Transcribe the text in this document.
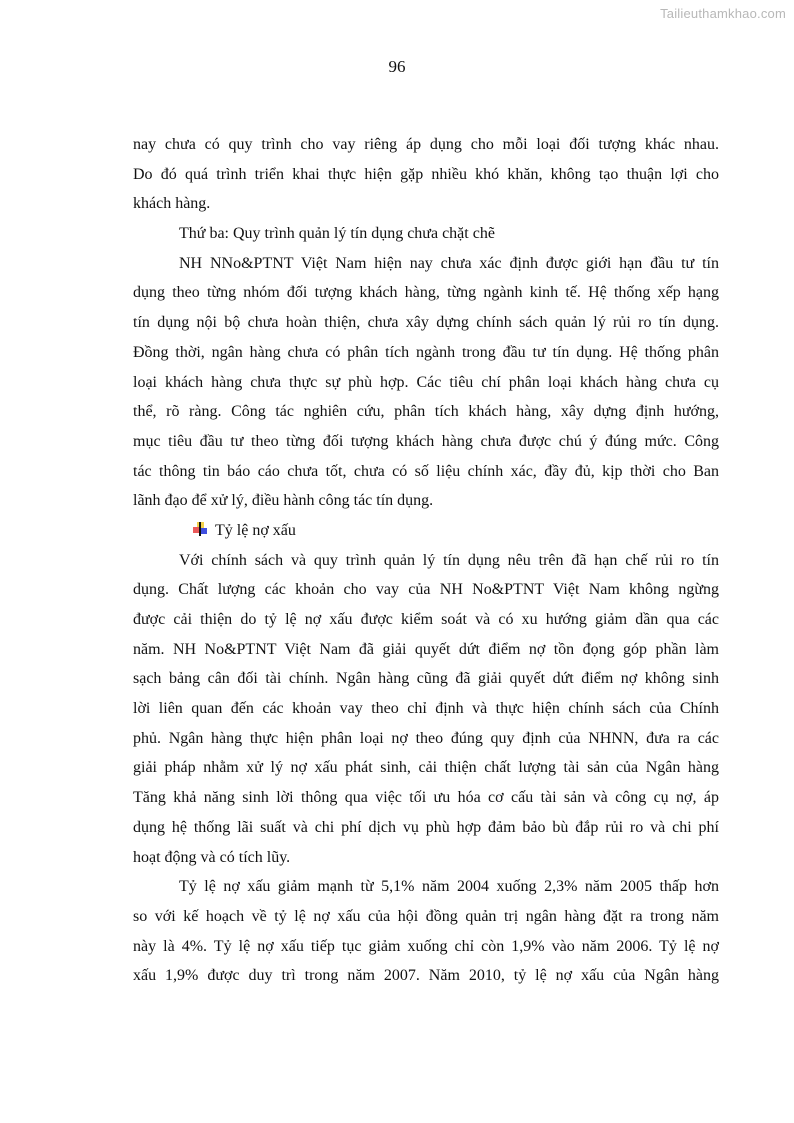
Tailieuthamkhao.com
96
nay chưa có quy trình cho vay riêng áp dụng cho mỗi loại đối tượng khác nhau.
Do đó quá trình triển khai thực hiện gặp nhiều khó khăn, không tạo thuận lợi cho
khách hàng.
Thứ ba: Quy trình quản lý tín dụng chưa chặt chẽ
NH NNo&PTNT Việt Nam hiện nay chưa xác định được giới hạn đầu tư tín
dụng theo từng nhóm đối tượng khách hàng, từng ngành kinh tế. Hệ thống xếp hạng
tín dụng nội bộ chưa hoàn thiện, chưa xây dựng chính sách quản lý rủi ro tín dụng.
Đồng thời, ngân hàng chưa có phân tích ngành trong đầu tư tín dụng. Hệ thống phân
loại khách hàng chưa thực sự phù hợp. Các tiêu chí phân loại khách hàng chưa cụ
thể, rõ ràng. Công tác nghiên cứu, phân tích khách hàng, xây dựng định hướng,
mục tiêu đầu tư theo từng đối tượng khách hàng chưa được chú ý đúng mức. Công
tác thông tin báo cáo chưa tốt, chưa có số liệu chính xác, đầy đủ, kịp thời cho Ban
lãnh đạo để xử lý, điều hành công tác tín dụng.
Tỷ lệ nợ xấu
Với chính sách và quy trình quản lý tín dụng nêu trên đã hạn chế rủi ro tín
dụng. Chất lượng các khoản cho vay của NH No&PTNT Việt Nam không ngừng
được cải thiện do tỷ lệ nợ xấu được kiểm soát và có xu hướng giảm dần qua các
năm. NH No&PTNT Việt Nam đã giải quyết dứt điểm nợ tồn đọng góp phần làm
sạch bảng cân đối tài chính. Ngân hàng cũng đã giải quyết dứt điểm nợ không sinh
lời liên quan đến các khoản vay theo chỉ định và thực hiện chính sách của Chính
phủ. Ngân hàng thực hiện phân loại nợ theo đúng quy định của NHNN, đưa ra các
giải pháp nhằm xử lý nợ xấu phát sinh, cải thiện chất lượng tài sản của Ngân hàng
Tăng khả năng sinh lời thông qua việc tối ưu hóa cơ cấu tài sản và công cụ nợ, áp
dụng hệ thống lãi suất và chi phí dịch vụ phù hợp đảm bảo bù đắp rủi ro và chi phí
hoạt động và có tích lũy.
Tỷ lệ nợ xấu giảm mạnh từ 5,1% năm 2004 xuống 2,3% năm 2005 thấp hơn
so với kế hoạch về tỷ lệ nợ xấu của hội đồng quản trị ngân hàng đặt ra trong năm
này là 4%. Tỷ lệ nợ xấu tiếp tục giảm xuống chỉ còn 1,9% vào năm 2006. Tỷ lệ nợ
xấu 1,9% được duy trì trong năm 2007. Năm 2010, tỷ lệ nợ xấu của Ngân hàng
